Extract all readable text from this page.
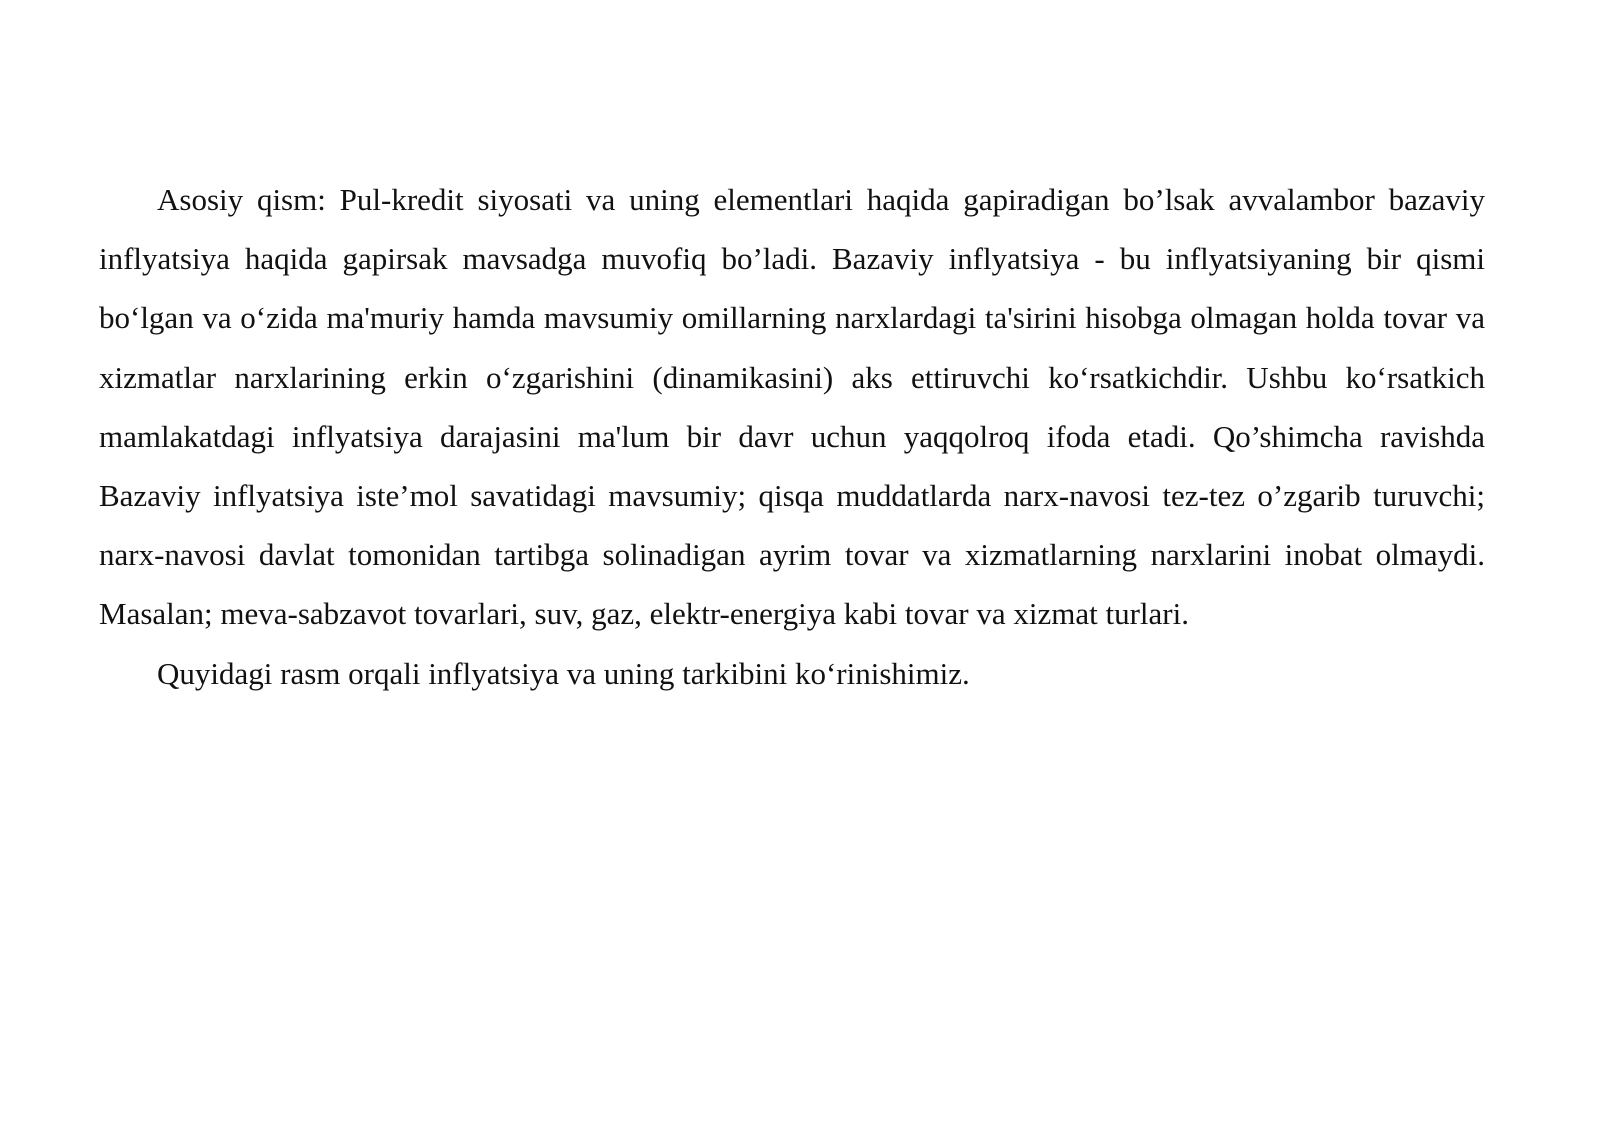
Asosiy qism: Pul-kredit siyosati va uning elementlari haqida gapiradigan bo’lsak avvalambor bazaviy inflyatsiya haqida gapirsak mavsadga muvofiq bo’ladi. Bazaviy inflyatsiya - bu inflyatsiyaning bir qismi bo‘lgan va o‘zida ma'muriy hamda mavsumiy omillarning narxlardagi ta'sirini hisobga olmagan holda tovar va xizmatlar narxlarining erkin o‘zgarishini (dinamikasini) aks ettiruvchi ko‘rsatkichdir. Ushbu ko‘rsatkich mamlakatdagi inflyatsiya darajasini ma'lum bir davr uchun yaqqolroq ifoda etadi. Qo’shimcha ravishda Bazaviy inflyatsiya iste’mol savatidagi mavsumiy; qisqa muddatlarda narx-navosi tez-tez o’zgarib turuvchi; narx-navosi davlat tomonidan tartibga solinadigan ayrim tovar va xizmatlarning narxlarini inobat olmaydi. Masalan; meva-sabzavot tovarlari, suv, gaz, elektr-energiya kabi tovar va xizmat turlari.

Quyidagi rasm orqali inflyatsiya va uning tarkibini ko‘rinishimiz.
